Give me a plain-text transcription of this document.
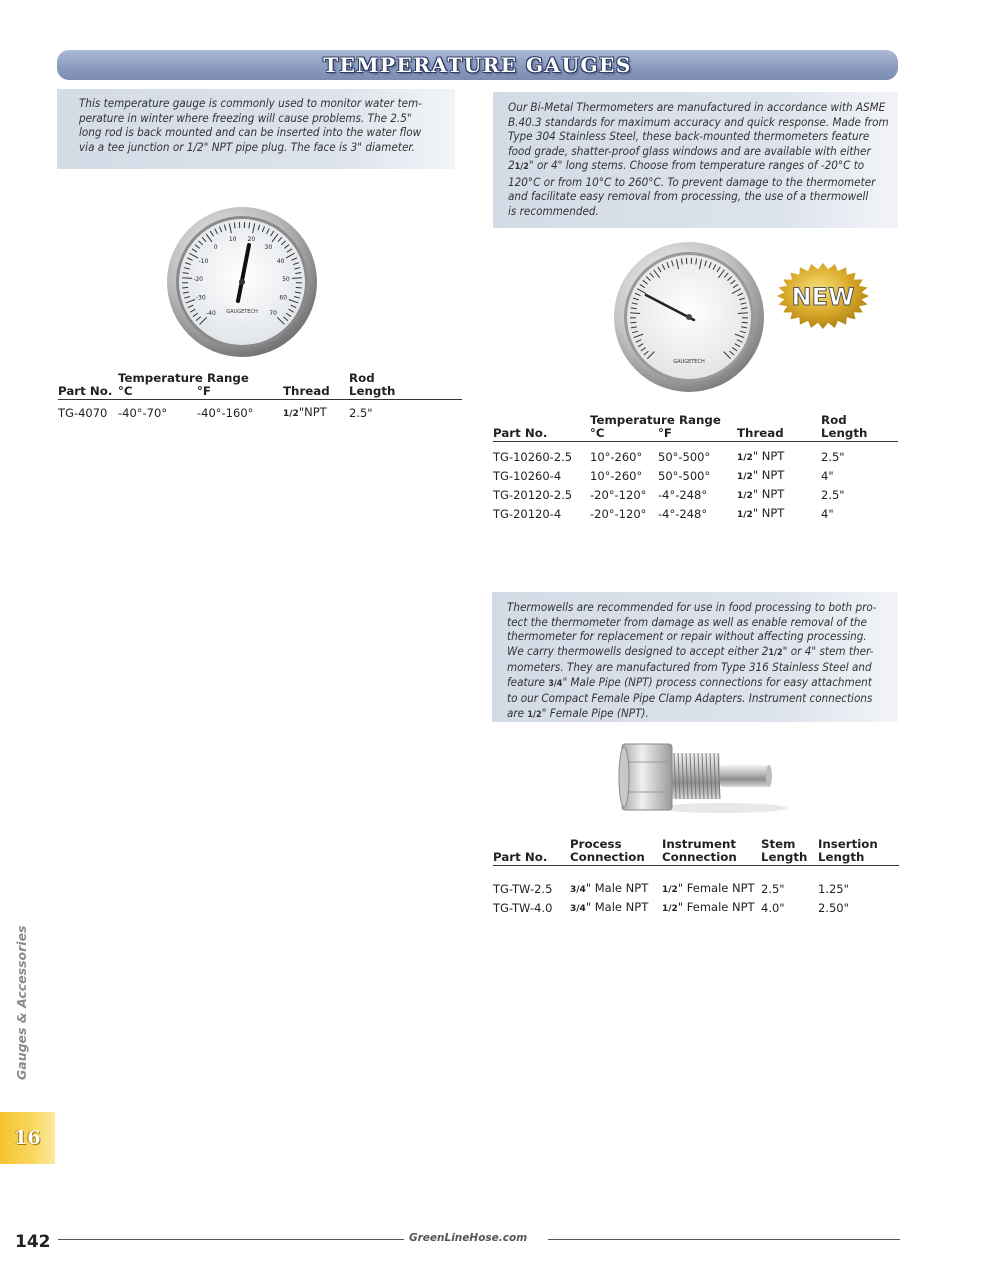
TEMPERATURE GAUGES

This temperature gauge is commonly used to monitor water tem-
perature in winter where freezing will cause problems. The 2.5"
long rod is back mounted and can be inserted into the water flow
via a tee junction or 1/2" NPT pipe plug. The face is 3" diameter.

-40
-30
-20
-10
0
10 20
30
40
50
60
70
GAUGETECH
	Temperature Range			Rod
Part No.	°C	°F	Thread	Length

TG-4070	-40°-70°	-40°-160°	1/2"NPT	2.5"
Our Bi-Metal Thermometers are manufactured in accordance with ASME
B.40.3 standards for maximum accuracy and quick response. Made from
Type 304 Stainless Steel, these back-mounted thermometers feature
food grade, shatter-proof glass windows and are available with either
21/2" or 4" long stems. Choose from temperature ranges of -20°C to
120°C or from 10°C to 260°C. To prevent damage to the thermometer
and facilitate easy removal from processing, the use of a thermowell
is recommended.
GAUGETECH
NEW
	Temperature Range			Rod
Part No.	°C	°F	Thread	Length

TG-10260-2.5	10°-260°	50°-500°	1/2" NPT	2.5"
TG-10260-4	10°-260°	50°-500°	1/2" NPT	4"
TG-20120-2.5	-20°-120°	-4°-248°	1/2" NPT	2.5"
TG-20120-4	-20°-120°	-4°-248°	1/2" NPT	4"
Thermowells are recommended for use in food processing to both pro-
tect the thermometer from damage as well as enable removal of the
thermometer for replacement or repair without affecting processing.
We carry thermowells designed to accept either 21/2" or 4" stem ther-
mometers. They are manufactured from Type 316 Stainless Steel and
feature 3/4" Male Pipe (NPT) process connections for easy attachment
to our Compact Female Pipe Clamp Adapters. Instrument connections
are 1/2" Female Pipe (NPT).
	Process	Instrument	Stem	Insertion
Part No.	Connection	Connection	Length	Length

TG-TW-2.5	3/4" Male NPT	1/2" Female NPT	2.5"	1.25"
TG-TW-4.0	3/4" Male NPT	1/2" Female NPT	4.0"	2.50"
Gauges & Accessories
16
142	GreenLineHose.com
